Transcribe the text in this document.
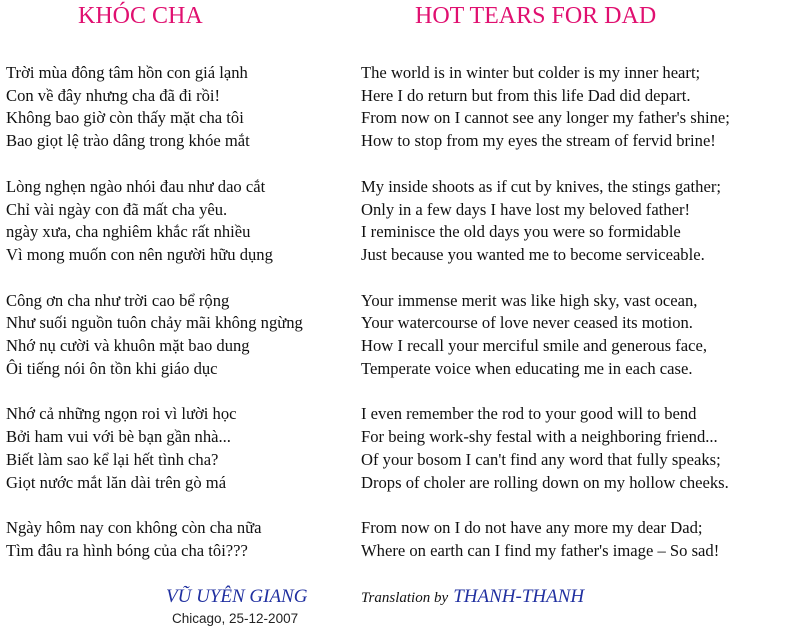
KHÓC CHA
Trời mùa đông tâm hồn con giá lạnh
Con về đây nhưng cha đã đi rồi!
Không bao giờ còn thấy mặt cha tôi
Bao giọt lệ trào dâng trong khóe mắt
Lòng nghẹn ngào nhói đau như dao cắt
Chỉ vài ngày con đã mất cha yêu.
ngày xưa, cha nghiêm khắc rất nhiều
Vì mong muốn con nên người hữu dụng
Công ơn cha như trời cao bể rộng
Như suối nguồn tuôn chảy mãi không ngừng
Nhớ nụ cười và khuôn mặt bao dung
Ôi tiếng nói ôn tồn khi giáo dục
Nhớ cả những ngọn roi vì lười học
Bởi ham vui với bè bạn gần nhà...
Biết làm sao kể lại hết tình cha?
Giọt nước mắt lăn dài trên gò má
Ngày hôm nay con không còn cha nữa
Tìm đâu ra hình bóng của cha tôi???
HOT TEARS FOR DAD
The world is in winter but colder is my inner heart;
Here I do return but from this life Dad did depart.
From now on I cannot see any longer my father's shine;
How to stop from my eyes the stream of fervid brine!
My inside shoots as if cut by knives, the stings gather;
Only in a few days I have lost my beloved father!
I reminisce the old days you were so formidable
Just because you wanted me to become serviceable.
Your immense merit was like high sky, vast ocean,
Your watercourse of love never ceased its motion.
How I recall your merciful smile and generous face,
Temperate voice when educating me in each case.
I even remember the rod to your good will to bend
For being work-shy festal with a neighboring friend...
Of your bosom I can't find any word that fully speaks;
Drops of choler are rolling down on my hollow cheeks.
From now on I do not have any more my dear Dad;
Where on earth can I find my father's image – So sad!
Translation by THANH-THANH
VŨ UYÊN GIANG
Chicago, 25-12-2007
